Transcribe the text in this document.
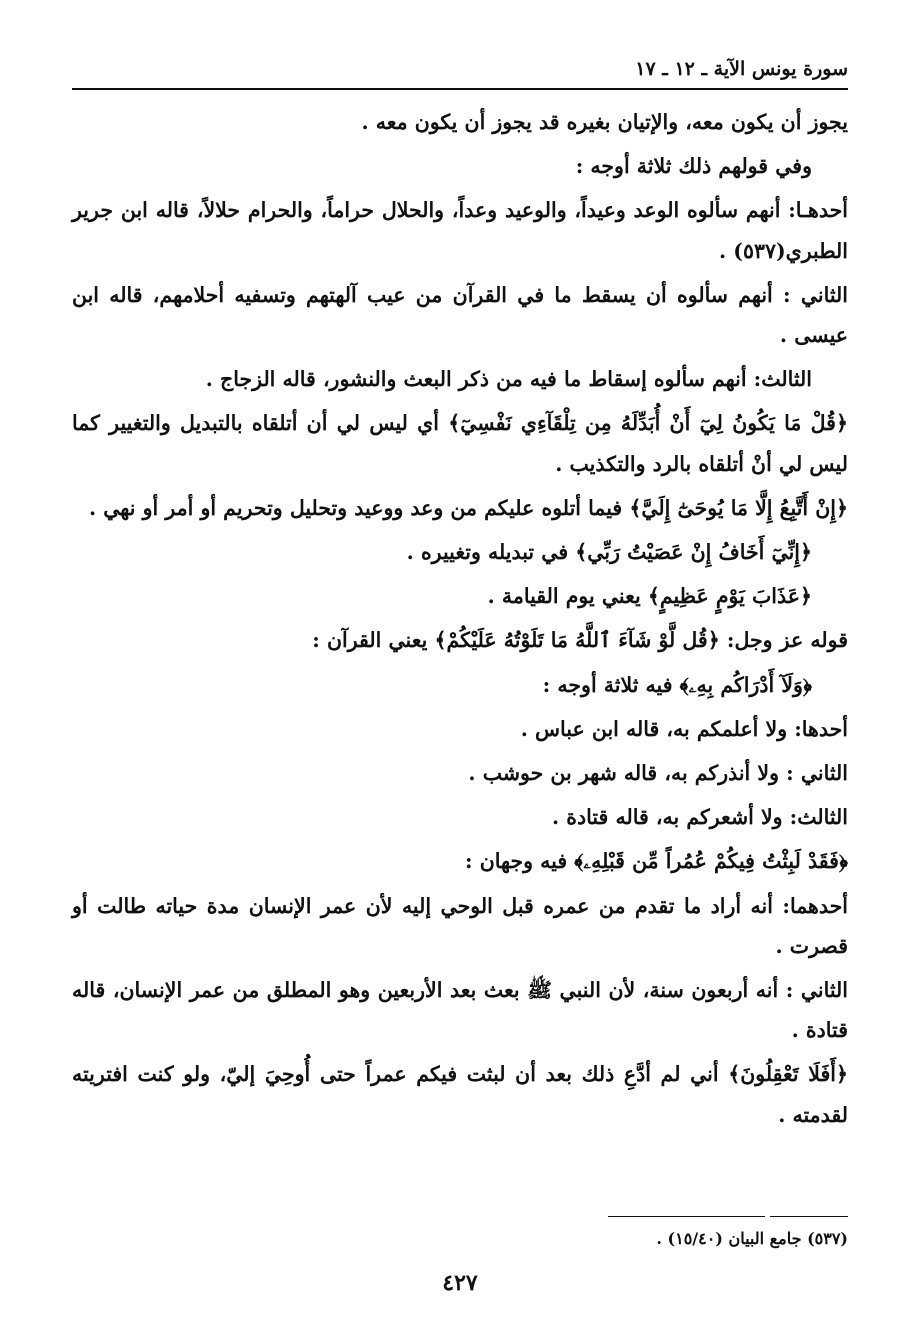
سورة يونس الآية ـ ١٢ ـ ١٧

يجوز أن يكون معه، والإتيان بغيره قد يجوز أن يكون معه .

وفي قولهم ذلك ثلاثة أوجه :

أحدهـا: أنهم سألوه الوعد وعيداً، والوعيد وعداً، والحلال حراماً، والحرام حلالاً، قاله ابن جرير الطبري(٥٣٧) .

الثاني : أنهم سألوه أن يسقط ما في القرآن من عيب آلهتهم وتسفيه أحلامهم، قاله ابن عيسى .

الثالث: أنهم سألوه إسقاط ما فيه من ذكر البعث والنشور، قاله الزجاج .

﴿قُلْ مَا يَكُونُ لِيٓ أَنْ أُبَدِّلَهُ مِن تِلْقَآءِي نَفْسِيٓ﴾ أي ليس لي أن أتلقاه بالتبديل والتغيير كما ليس لي أنْ أتلقاه بالرد والتكذيب .

﴿إِنْ أَتَّبِعُ إِلَّا مَا يُوحَىٰٓ إِلَيَّ﴾ فيما أتلوه عليكم من وعد ووعيد وتحليل وتحريم أو أمر أو نهي .

﴿إِنِّيٓ أَخَافُ إِنْ عَصَيْتُ رَبِّي﴾ في تبديله وتغييره .

﴿عَذَابَ يَوْمٍ عَظِيمٍ﴾ يعني يوم القيامة .

قوله عز وجل: ﴿قُل لَّوْ شَآءَ ٱللَّهُ مَا تَلَوْتُهُ عَلَيْكُمْ﴾ يعني القرآن :

﴿وَلَآ أَدْرَاكُم بِهِۦ﴾ فيه ثلاثة أوجه :

أحدها: ولا أعلمكم به، قاله ابن عباس .

الثاني : ولا أنذركم به، قاله شهر بن حوشب .

الثالث: ولا أشعركم به، قاله قتادة .

﴿فَقَدْ لَبِثْتُ فِيكُمْ عُمُراً مِّن قَبْلِهِۦ﴾ فيه وجهان :

أحدهما: أنه أراد ما تقدم من عمره قبل الوحي إليه لأن عمر الإنسان مدة حياته طالت أو قصرت .

الثاني : أنه أربعون سنة، لأن النبي ﷺ بعث بعد الأربعين وهو المطلق من عمر الإنسان، قاله قتادة .

﴿أَفَلَا تَعْقِلُونَ﴾ أني لم أدَّعِ ذلك بعد أن لبثت فيكم عمراً حتى أُوحِيَ إليّ، ولو كنت افتريته لقدمته .

(٥٣٧) جامع البيان (١٥/٤٠) .
٤٢٧
